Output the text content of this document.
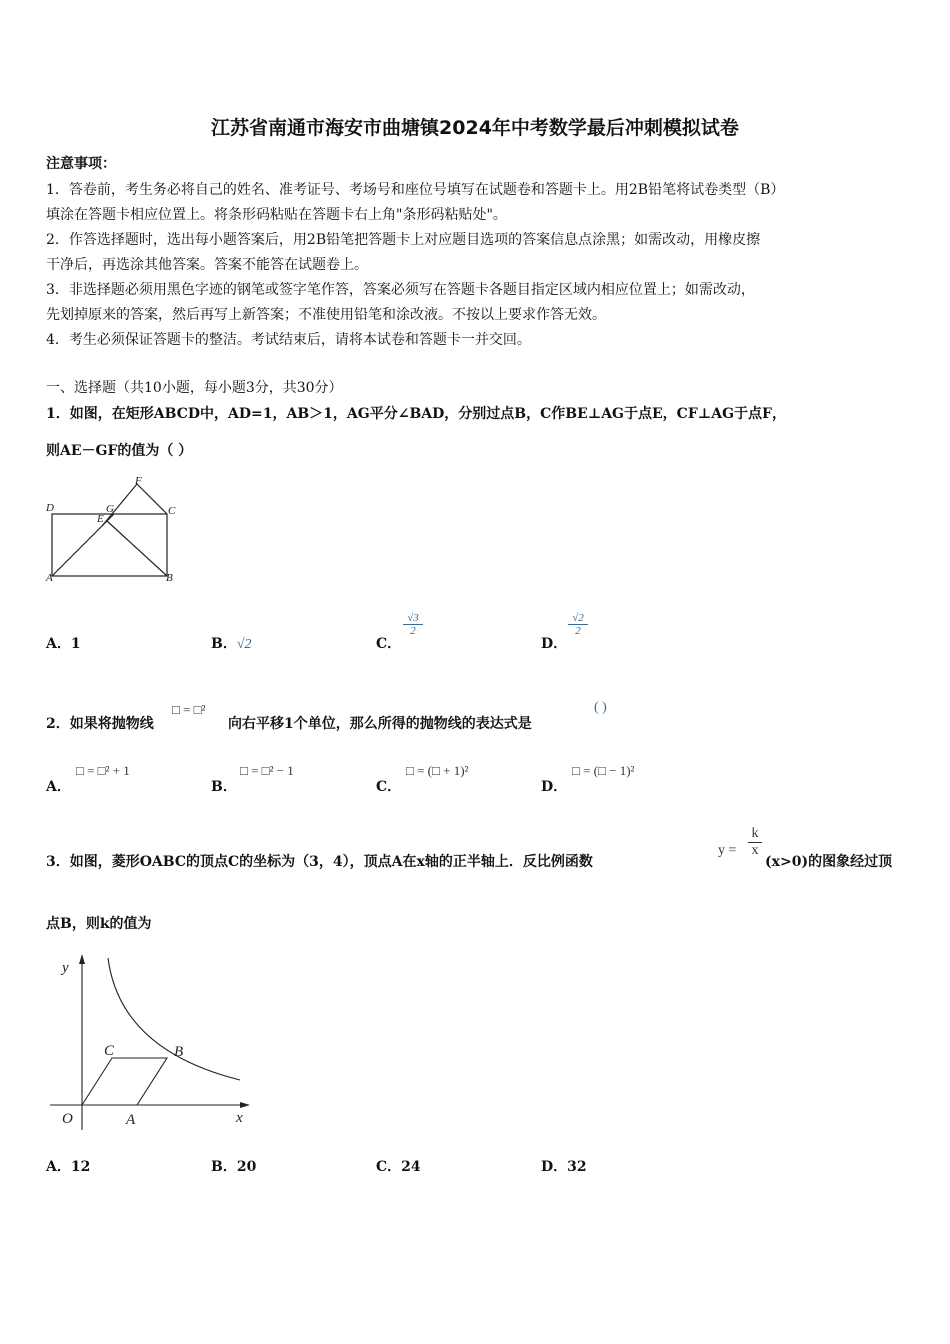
江苏省南通市海安市曲塘镇2024年中考数学最后冲刺模拟试卷
注意事项：
1．答卷前，考生务必将自己的姓名、准考证号、考场号和座位号填写在试题卷和答题卡上。用2B铅笔将试卷类型（B）
填涂在答题卡相应位置上。将条形码粘贴在答题卡右上角"条形码粘贴处"。
2．作答选择题时，选出每小题答案后，用2B铅笔把答题卡上对应题目选项的答案信息点涂黑；如需改动，用橡皮擦
干净后，再选涂其他答案。答案不能答在试题卷上。
3．非选择题必须用黑色字迹的钢笔或签字笔作答，答案必须写在答题卡各题目指定区域内相应位置上；如需改动，
先划掉原来的答案，然后再写上新答案；不准使用铅笔和涂改液。不按以上要求作答无效。
4．考生必须保证答题卡的整洁。考试结束后，请将本试卷和答题卡一并交回。
一、选择题（共10小题，每小题3分，共30分）
1．如图，在矩形ABCD中，AD=1，AB＞1，AG平分∠BAD，分别过点B，C作BE⊥AG于点E，CF⊥AG于点F，
则AE－GF的值为（ ）
D
A	B
C
G
E
F
A．1	B．√2	C．
$\frac{√3}{2}$
D．
$\frac{√2}{2}$
2．如果将抛物线
□ = □²
向右平移1个单位，那么所得的抛物线的表达式是
( )
A．
□ = □² + 1
B．
□ = □² − 1
C．
□ = (□ + 1)²
D．
□ = (□ − 1)²
3．如图，菱形OABC的顶点C的坐标为（3，4），顶点A在x轴的正半轴上．反比例函数
$y = \frac{k}{x}$
(x>0)的图象经过顶
点B，则k的值为
y
x
O	A
B
C
A．12	B．20	C．24	D．32
